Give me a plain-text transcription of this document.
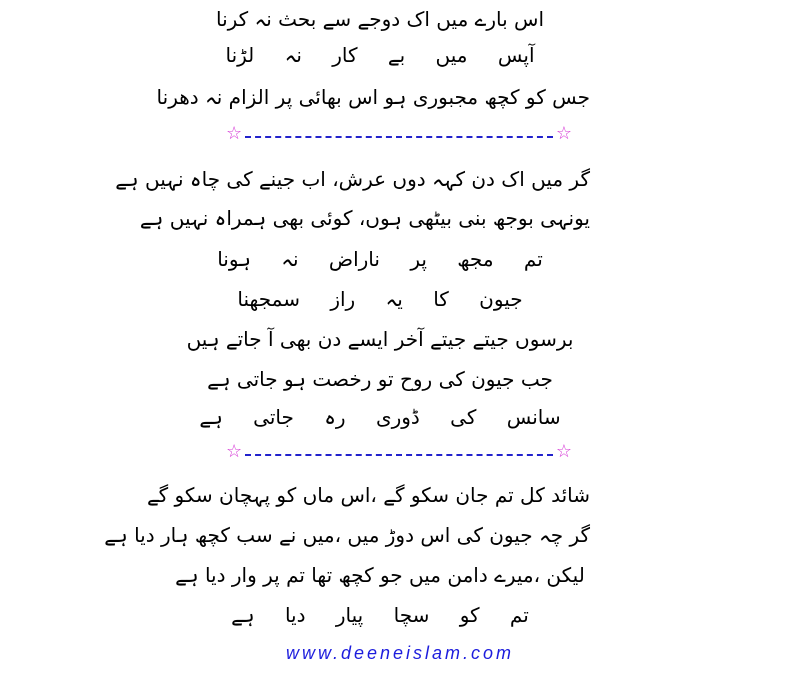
اس بارے میں اک دوجے سے بحث نہ کرنا
آپس میں بے کار نہ لڑنا
جس کو کچھ مجبوری ہو اس بھائی پر الزام نہ دھرنا
☆	☆
گر میں اک دن کہہ دوں عرش، اب جینے کی چاہ نہیں ہے
یونہی بوجھ بنی بیٹھی ہوں، کوئی بھی ہمراہ نہیں ہے
تم مجھ پر ناراض نہ ہونا
جیون کا یہ راز سمجھنا
برسوں جیتے جیتے آخر ایسے دن بھی آ جاتے ہیں
جب جیون کی روح تو رخصت ہو جاتی ہے
سانس کی ڈوری رہ جاتی ہے
☆	☆
شائد کل تم جان سکو گے ،اس ماں کو پہچان سکو گے
گر چہ جیون کی اس دوڑ میں ،میں نے سب کچھ ہار دیا ہے
لیکن ،میرے دامن میں جو کچھ تھا تم پر وار دیا ہے
تم کو سچا پیار دیا ہے
www.deeneislam.com
